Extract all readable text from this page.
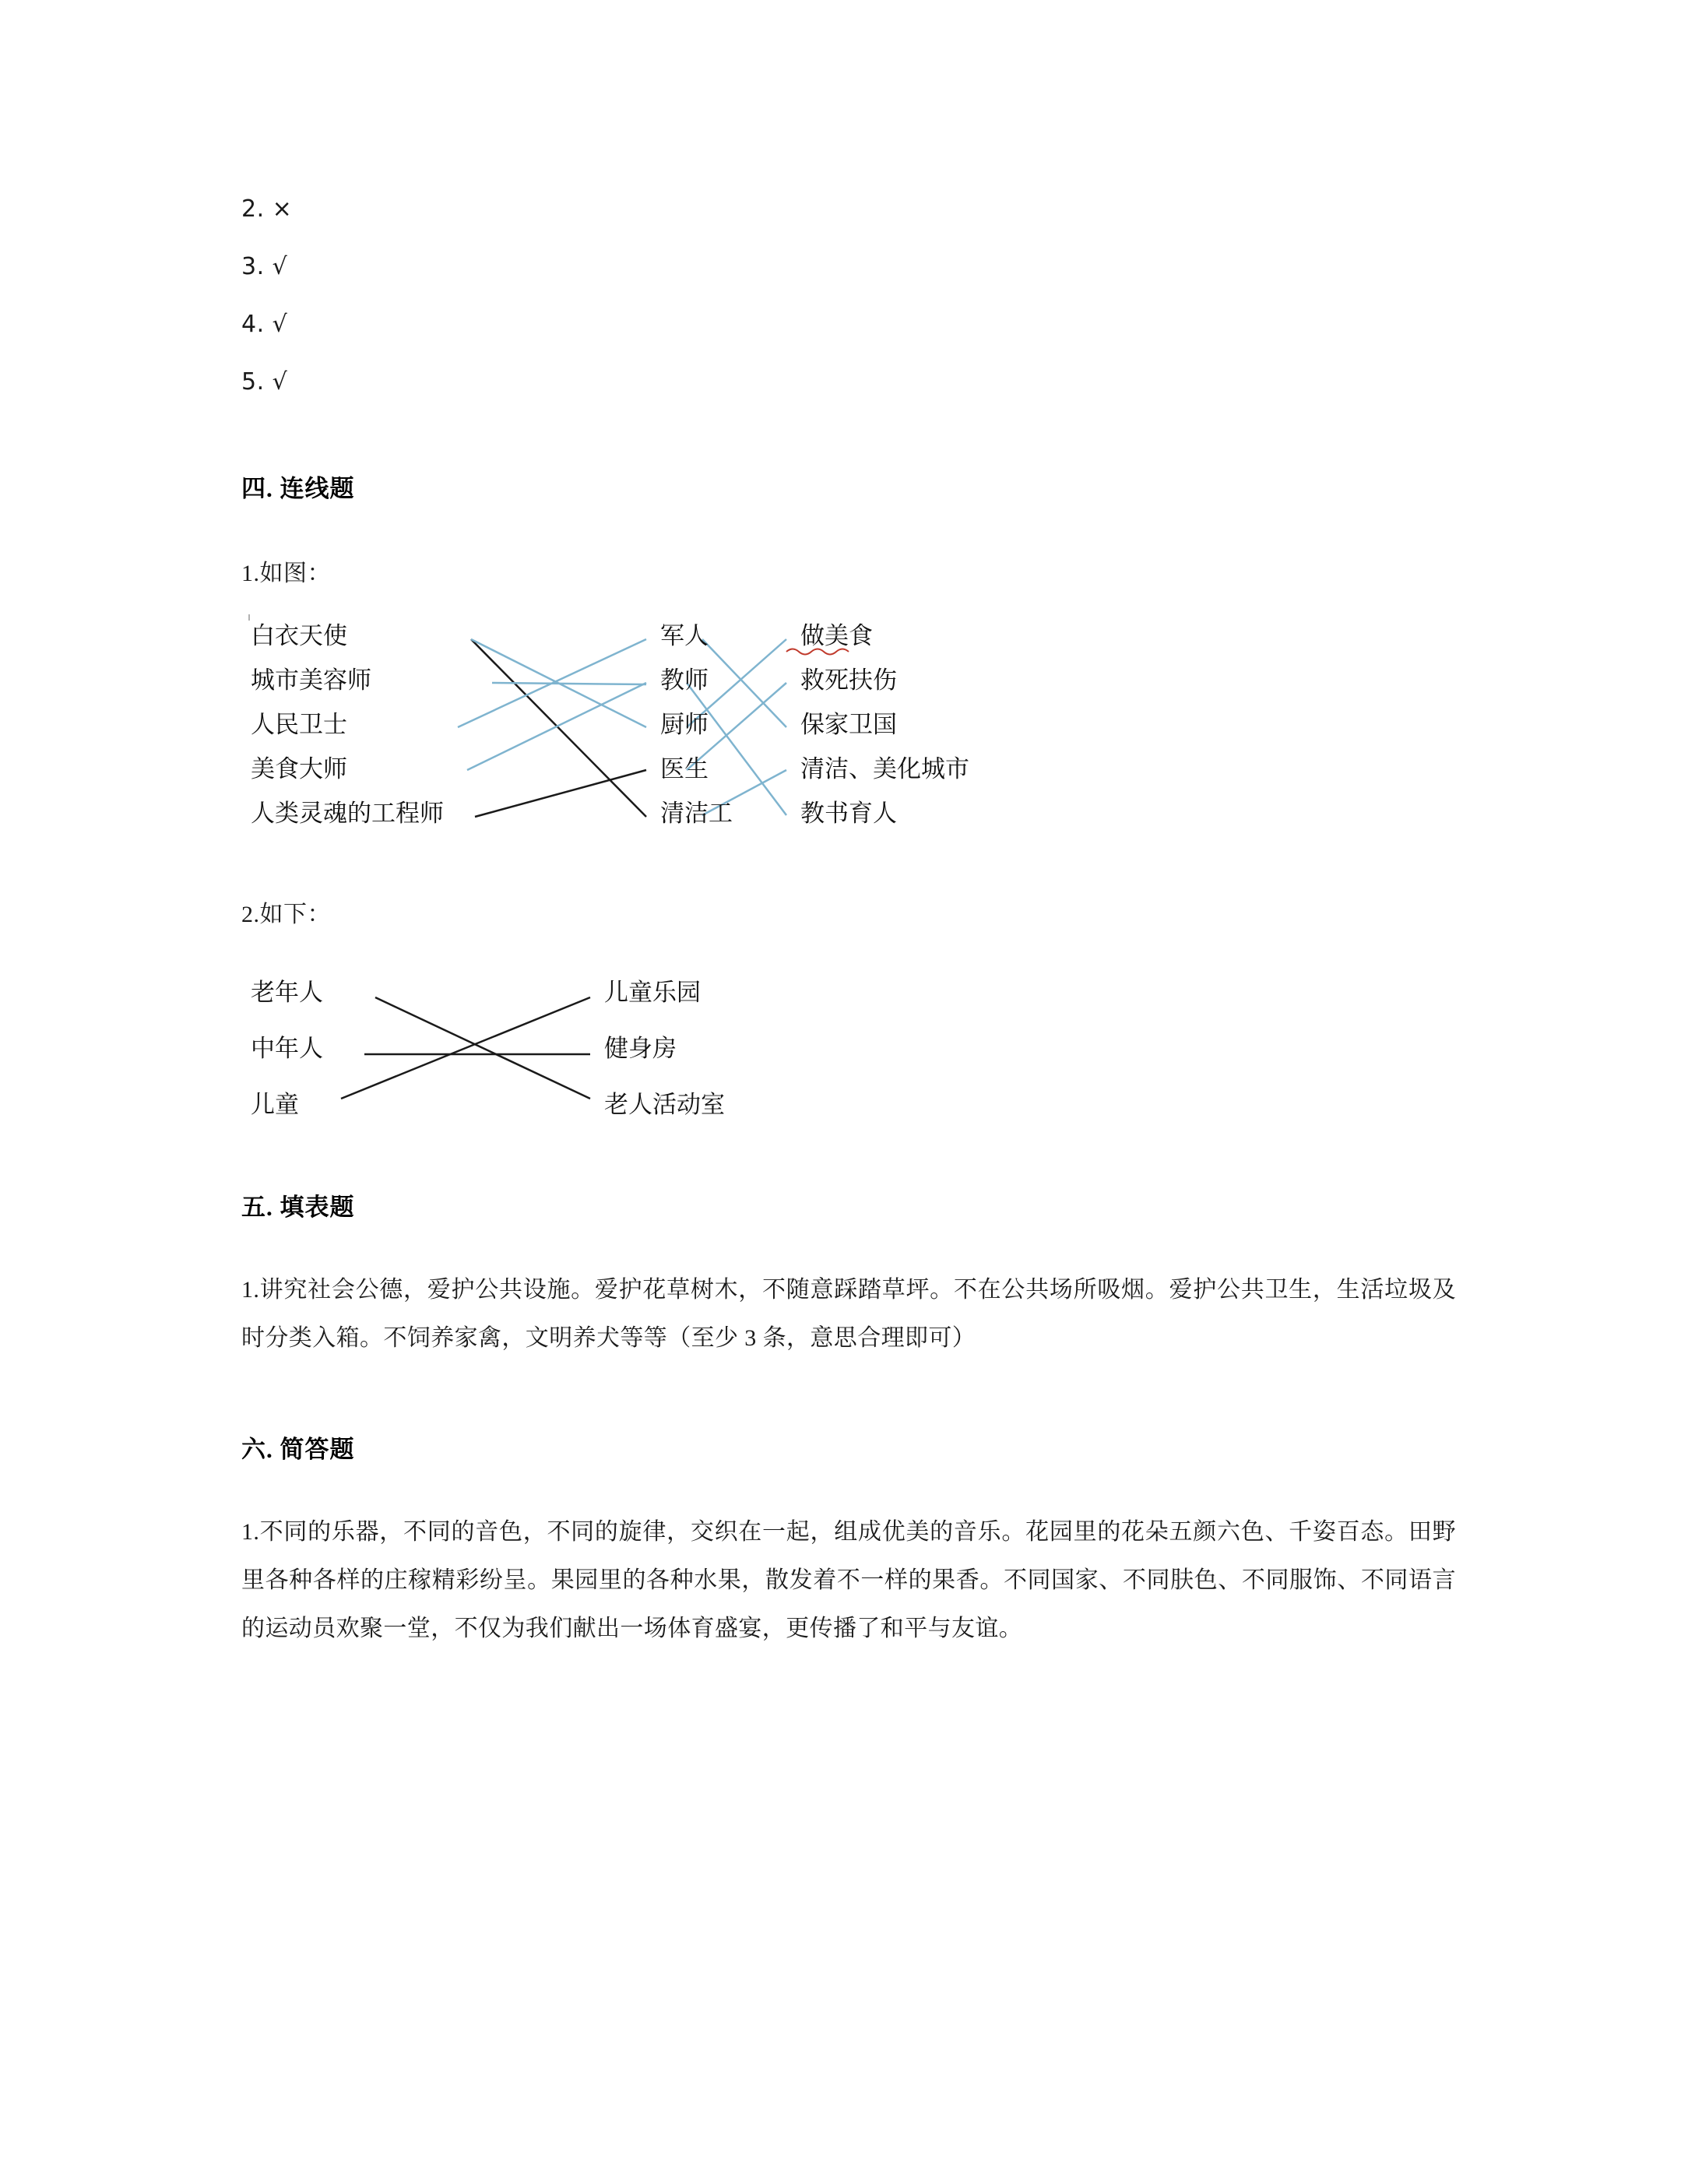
2. ×
3. √
4. √
5. √
四. 连线题
1.如图：
白衣天使
城市美容师
人民卫士
美食大师
人类灵魂的工程师
军人
教师
厨师
医生
清洁工
做美食
救死扶伤
保家卫国
清洁、美化城市
教书育人
2.如下：
老年人
中年人
儿童
儿童乐园
健身房
老人活动室
五. 填表题
1.讲究社会公德，爱护公共设施。爱护花草树木，不随意踩踏草坪。不在公共场所吸烟。爱护公共卫生，生活垃圾及时分类入箱。不饲养家禽，文明养犬等等（至少 3 条，意思合理即可）
六. 简答题
1.不同的乐器，不同的音色，不同的旋律，交织在一起，组成优美的音乐。花园里的花朵五颜六色、千姿百态。田野里各种各样的庄稼精彩纷呈。果园里的各种水果，散发着不一样的果香。不同国家、不同肤色、不同服饰、不同语言的运动员欢聚一堂，不仅为我们献出一场体育盛宴，更传播了和平与友谊。
